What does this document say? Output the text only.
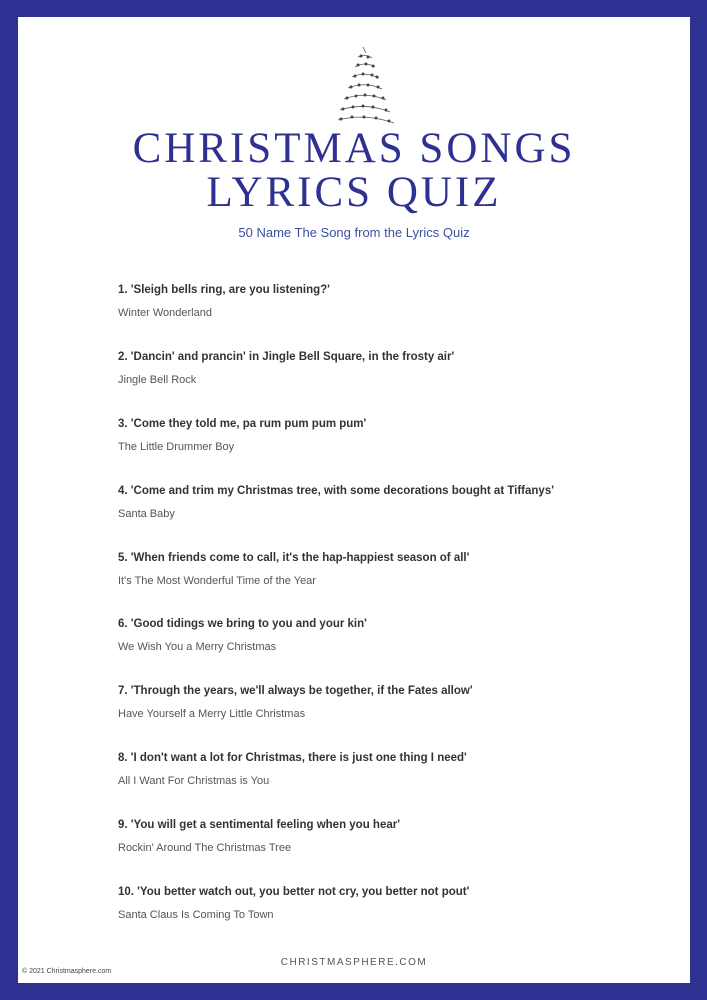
CHRISTMAS SONGS
LYRICS QUIZ
50 Name The Song from the Lyrics Quiz
1. 'Sleigh bells ring, are you listening?'
Winter Wonderland
2. 'Dancin' and prancin' in Jingle Bell Square, in the frosty air'
Jingle Bell Rock
3. 'Come they told me, pa rum pum pum pum'
The Little Drummer Boy
4. 'Come and trim my Christmas tree, with some decorations bought at Tiffanys'
Santa Baby
5. 'When friends come to call, it's the hap-happiest season of all'
It's The Most Wonderful Time of the Year
6. 'Good tidings we bring to you and your kin'
We Wish You a Merry Christmas
7. 'Through the years, we'll always be together, if the Fates allow'
Have Yourself a Merry Little Christmas
8. 'I don't want a lot for Christmas, there is just one thing I need'
All I Want For Christmas is You
9. 'You will get a sentimental feeling when you hear'
Rockin' Around The Christmas Tree
10. 'You better watch out, you better not cry, you better not pout'
Santa Claus Is Coming To Town
CHRISTMASPHERE.COM
© 2021 Christmasphere.com
